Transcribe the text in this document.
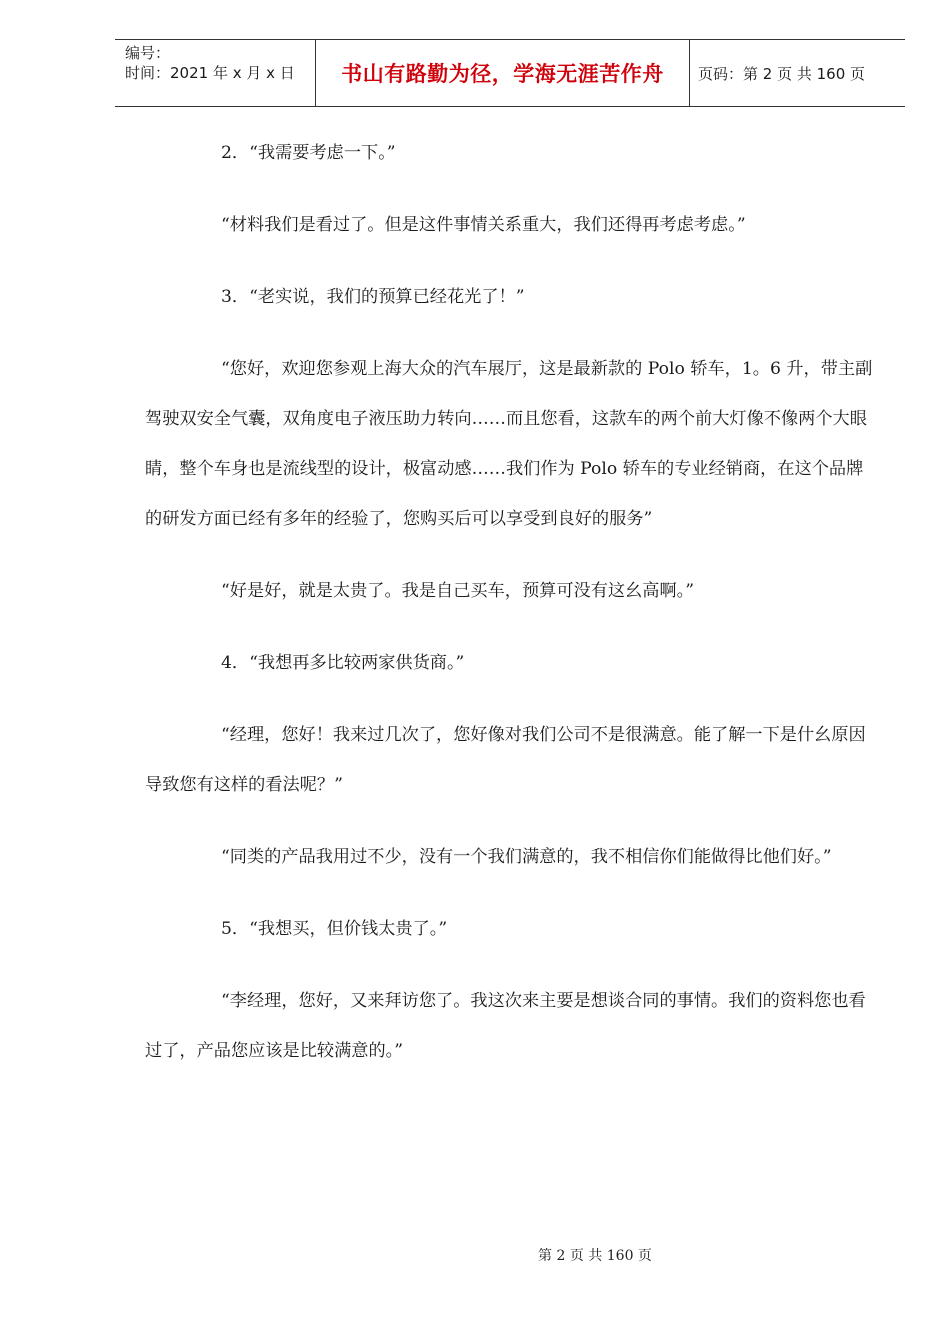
编号：
时间：2021 年 x 月 x 日	书山有路勤为径，学海无涯苦作舟	页码：第 2 页 共 160 页

2．“我需要考虑一下。”

“材料我们是看过了。但是这件事情关系重大，我们还得再考虑考虑。”

3．“老实说，我们的预算已经花光了！”

“您好，欢迎您参观上海大众的汽车展厅，这是最新款的 Polo 轿车，1。6 升，带主副驾驶双安全气囊，双角度电子液压助力转向……而且您看，这款车的两个前大灯像不像两个大眼睛，整个车身也是流线型的设计，极富动感……我们作为 Polo 轿车的专业经销商，在这个品牌的研发方面已经有多年的经验了，您购买后可以享受到良好的服务”

“好是好，就是太贵了。我是自己买车，预算可没有这幺高啊。”

4．“我想再多比较两家供货商。”

“经理，您好！我来过几次了，您好像对我们公司不是很满意。能了解一下是什幺原因导致您有这样的看法呢？”

“同类的产品我用过不少，没有一个我们满意的，我不相信你们能做得比他们好。”

5．“我想买，但价钱太贵了。”

“李经理，您好，又来拜访您了。我这次来主要是想谈合同的事情。我们的资料您也看过了，产品您应该是比较满意的。”

第 2 页 共 160 页
